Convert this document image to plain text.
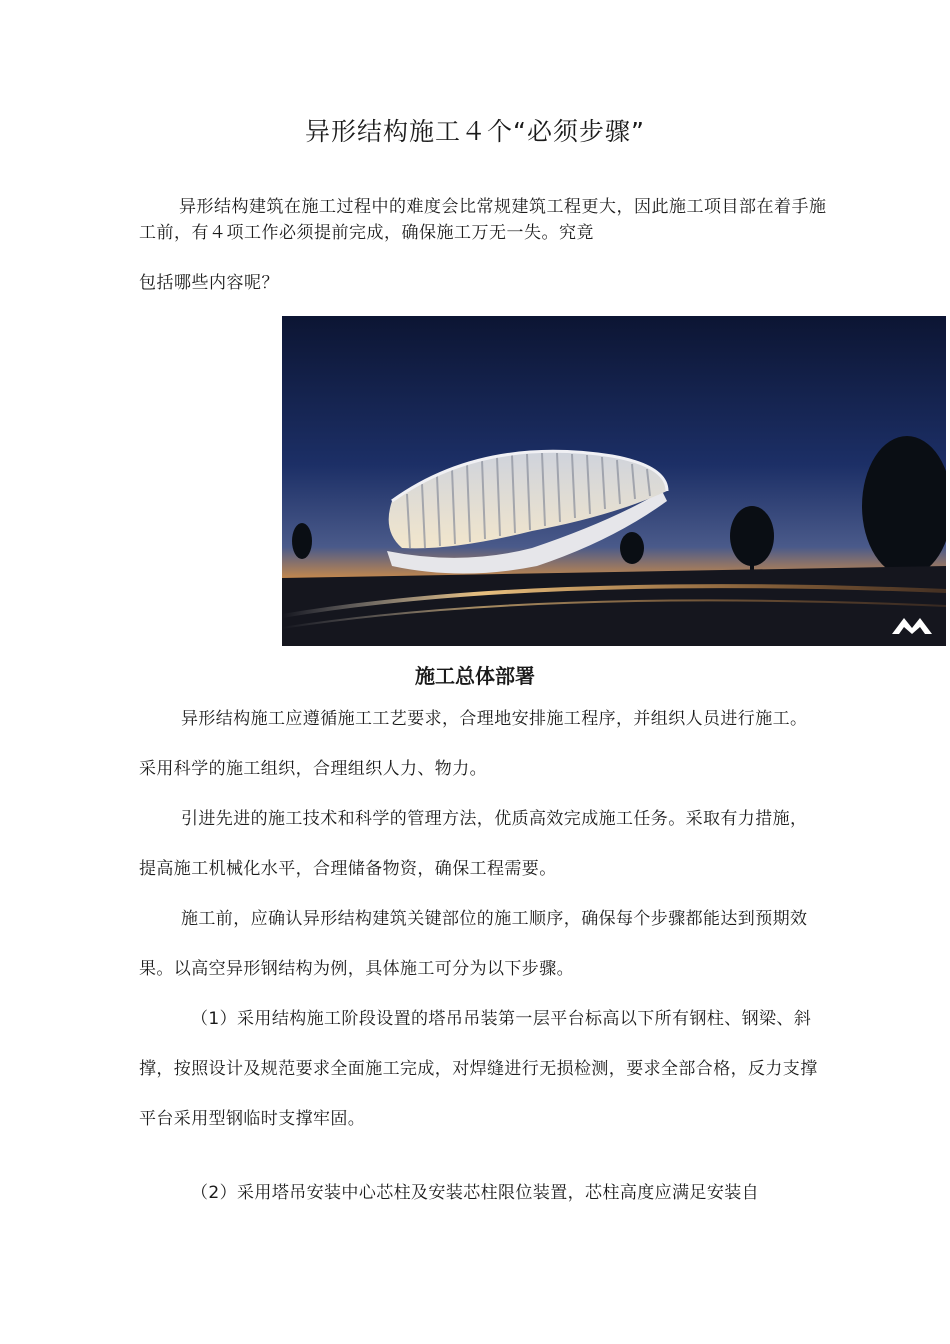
异形结构施工４个“必须步骤”
异形结构建筑在施工过程中的难度会比常规建筑工程更大，因此施工项目部在着手施工前，有４项工作必须提前完成，确保施工万无一失。究竟
包括哪些内容呢？
施工总体部署
异形结构施工应遵循施工工艺要求，合理地安排施工程序，并组织人员进行施工。采用科学的施工组织，合理组织人力、物力。
引进先进的施工技术和科学的管理方法，优质高效完成施工任务。采取有力措施，提高施工机械化水平，合理储备物资，确保工程需要。
施工前，应确认异形结构建筑关键部位的施工顺序，确保每个步骤都能达到预期效果。以高空异形钢结构为例，具体施工可分为以下步骤。
（1）采用结构施工阶段设置的塔吊吊装第一层平台标高以下所有钢柱、钢梁、斜撑，按照设计及规范要求全面施工完成，对焊缝进行无损检测，要求全部合格，反力支撑平台采用型钢临时支撑牢固。
（2）采用塔吊安装中心芯柱及安装芯柱限位装置，芯柱高度应满足安装自
